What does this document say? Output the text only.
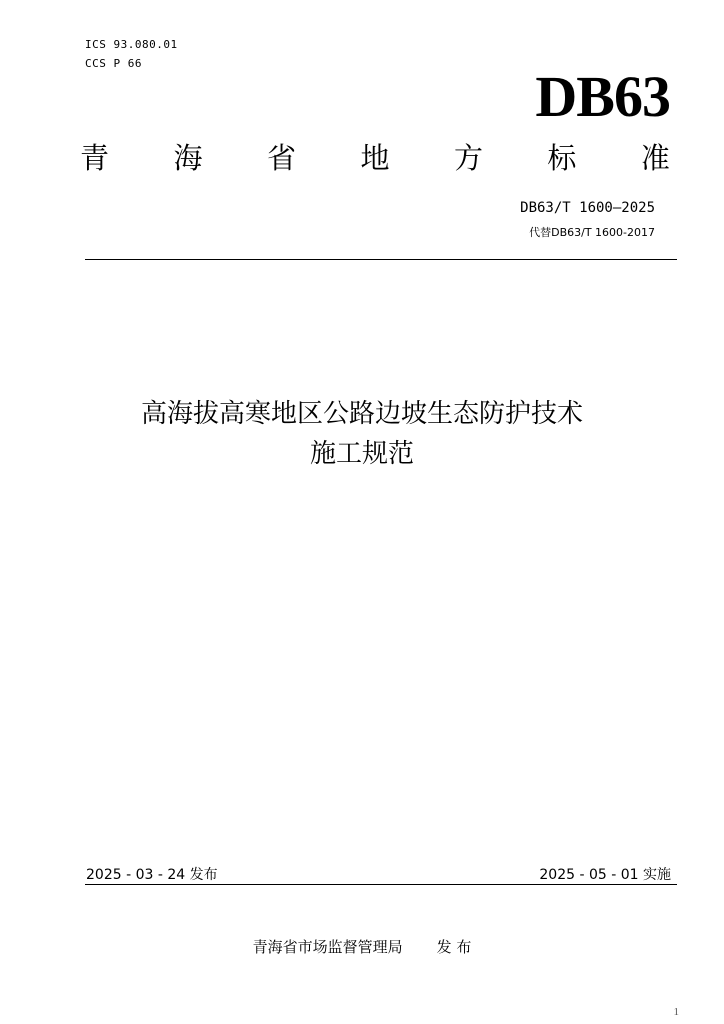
ICS 93.080.01
CCS P 66
DB63
青 海 省 地 方 标 准
DB63/T 1600—2025
代替DB63/T 1600-2017
高海拔高寒地区公路边坡生态防护技术
施工规范
2025 - 03 - 24 发布	2025 - 05 - 01 实施
青海省市场监督管理局 发 布
1
